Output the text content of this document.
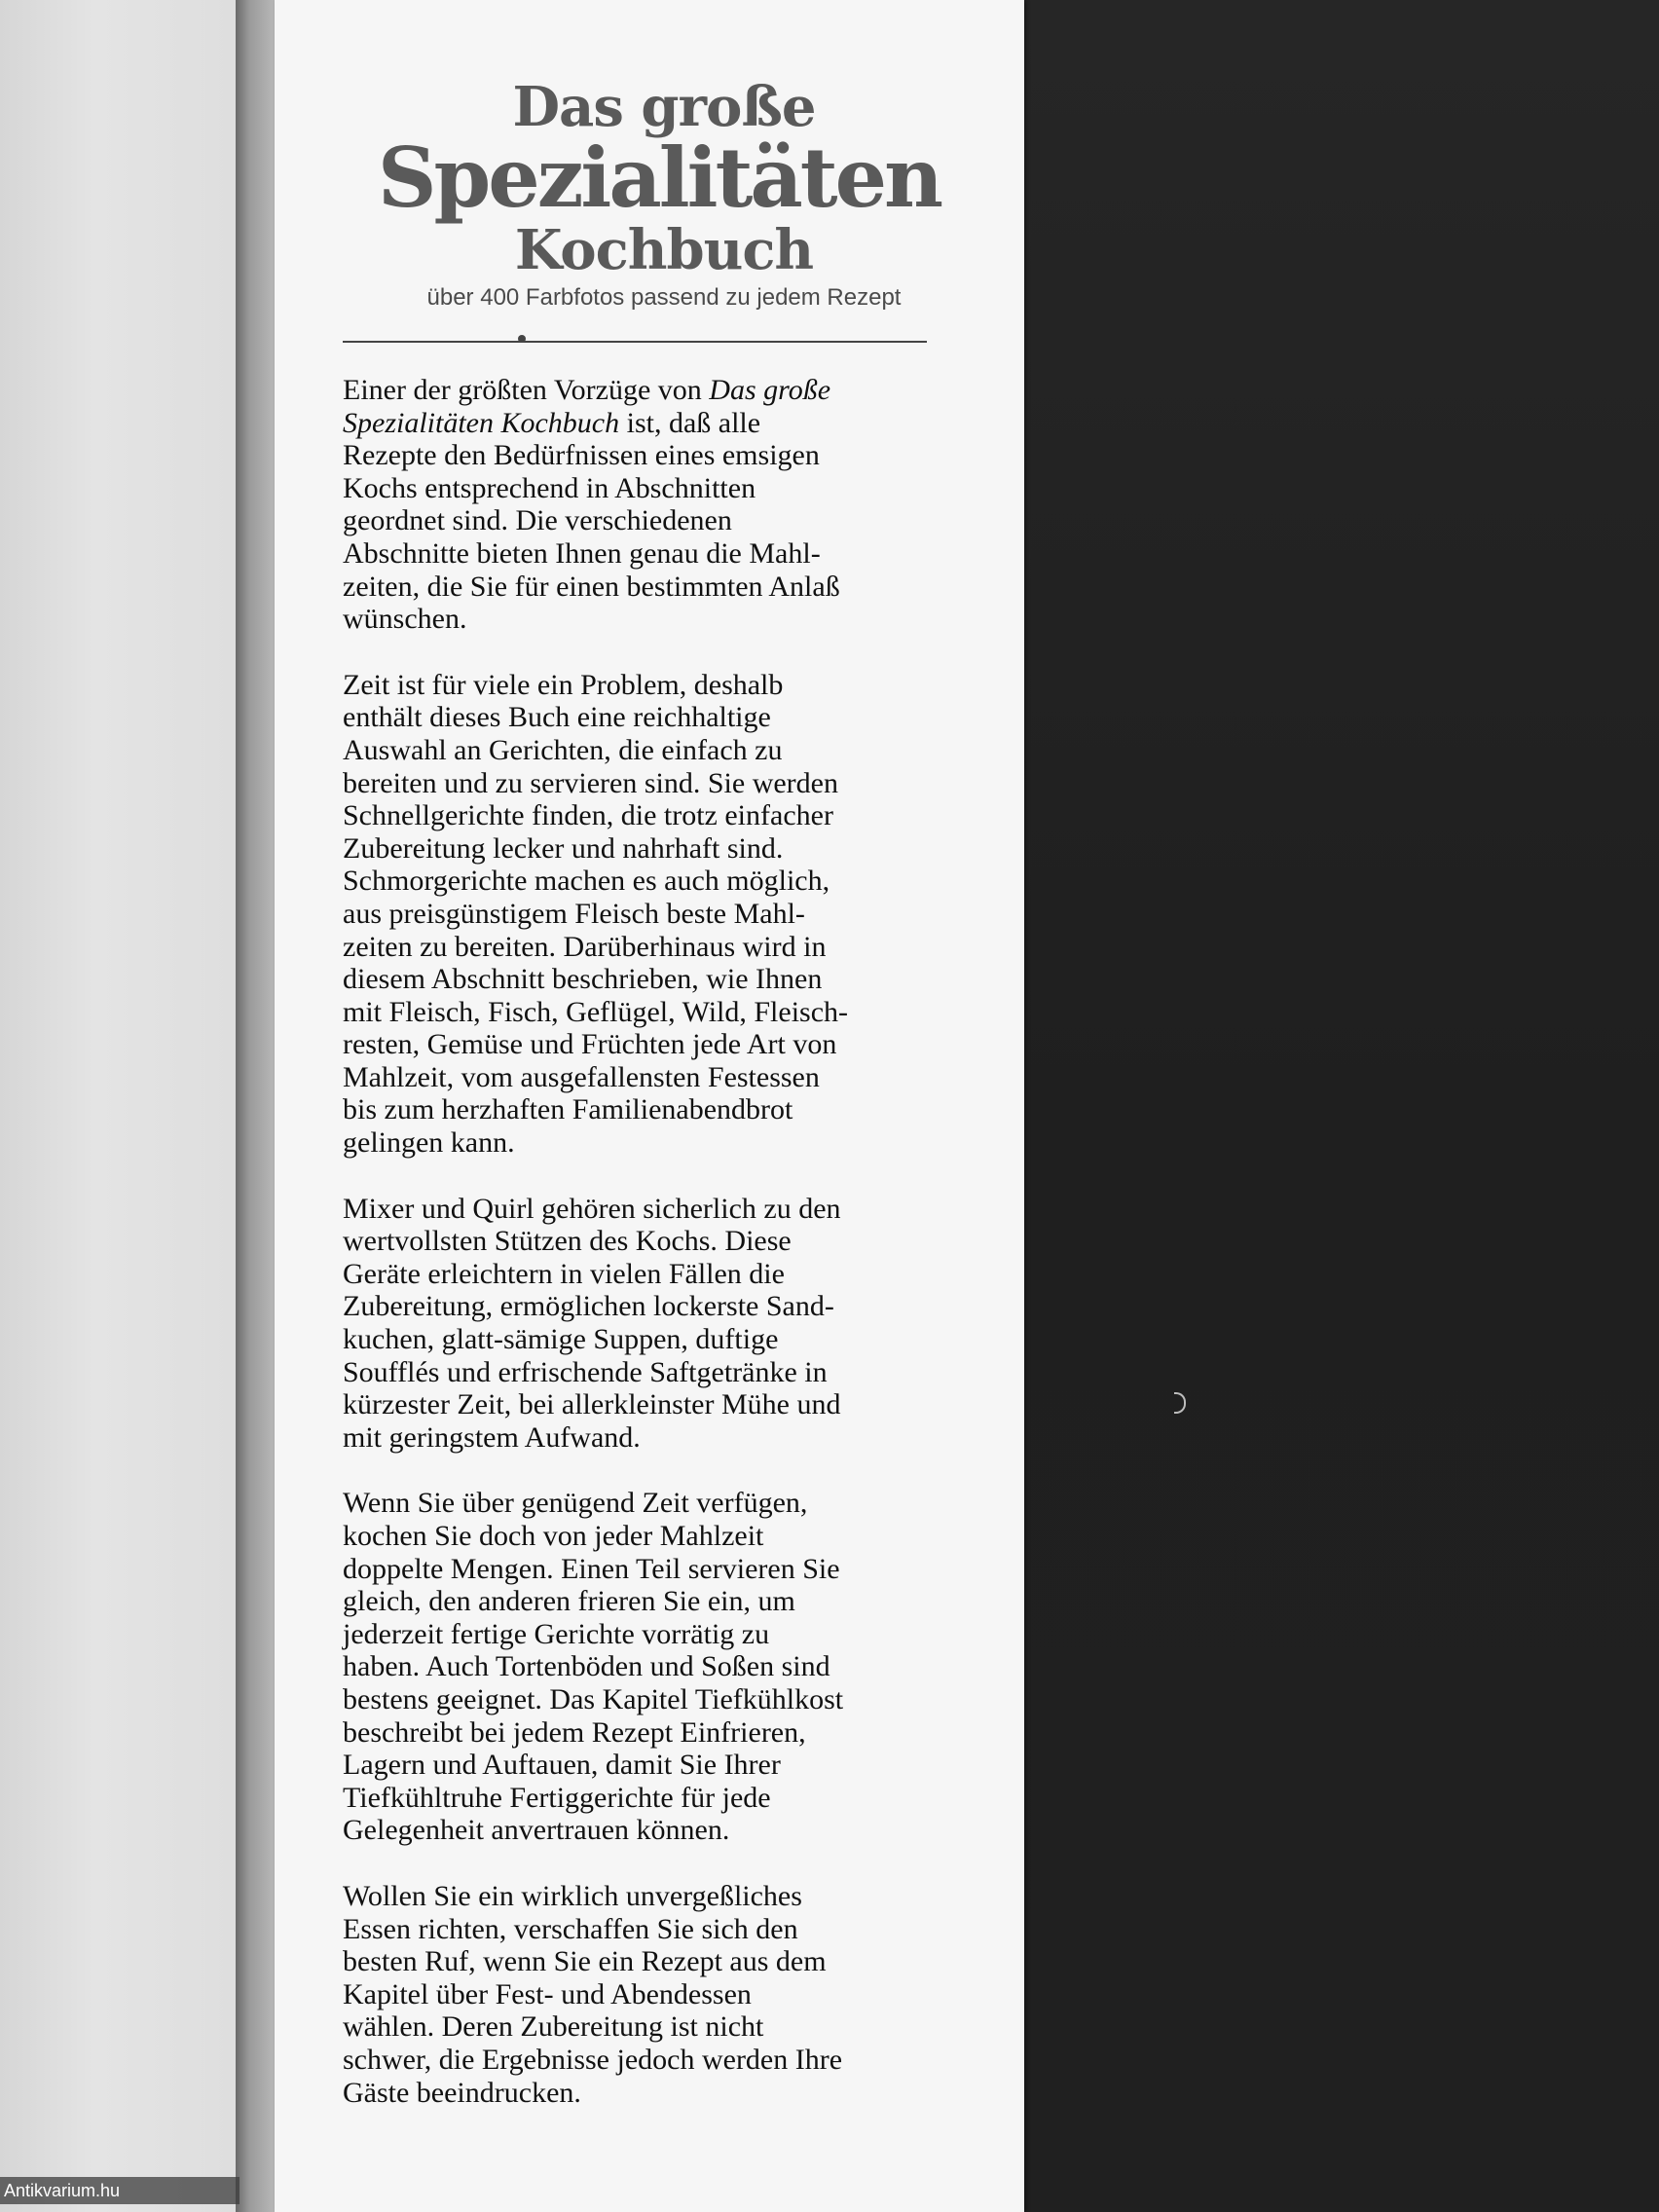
Das große
Spezialitäten
Kochbuch
über 400 Farbfotos passend zu jedem Rezept

Einer der größten Vorzüge von Das große
Spezialitäten Kochbuch ist, daß alle
Rezepte den Bedürfnissen eines emsigen
Kochs entsprechend in Abschnitten
geordnet sind. Die verschiedenen
Abschnitte bieten Ihnen genau die Mahl-
zeiten, die Sie für einen bestimmten Anlaß
wünschen.

Zeit ist für viele ein Problem, deshalb
enthält dieses Buch eine reichhaltige
Auswahl an Gerichten, die einfach zu
bereiten und zu servieren sind. Sie werden
Schnellgerichte finden, die trotz einfacher
Zubereitung lecker und nahrhaft sind.
Schmorgerichte machen es auch möglich,
aus preisgünstigem Fleisch beste Mahl-
zeiten zu bereiten. Darüberhinaus wird in
diesem Abschnitt beschrieben, wie Ihnen
mit Fleisch, Fisch, Geflügel, Wild, Fleisch-
resten, Gemüse und Früchten jede Art von
Mahlzeit, vom ausgefallensten Festessen
bis zum herzhaften Familienabendbrot
gelingen kann.

Mixer und Quirl gehören sicherlich zu den
wertvollsten Stützen des Kochs. Diese
Geräte erleichtern in vielen Fällen die
Zubereitung, ermöglichen lockerste Sand-
kuchen, glatt-sämige Suppen, duftige
Soufflés und erfrischende Saftgetränke in
kürzester Zeit, bei allerkleinster Mühe und
mit geringstem Aufwand.

Wenn Sie über genügend Zeit verfügen,
kochen Sie doch von jeder Mahlzeit
doppelte Mengen. Einen Teil servieren Sie
gleich, den anderen frieren Sie ein, um
jederzeit fertige Gerichte vorrätig zu
haben. Auch Tortenböden und Soßen sind
bestens geeignet. Das Kapitel Tiefkühlkost
beschreibt bei jedem Rezept Einfrieren,
Lagern und Auftauen, damit Sie Ihrer
Tiefkühltruhe Fertiggerichte für jede
Gelegenheit anvertrauen können.

Wollen Sie ein wirklich unvergeßliches
Essen richten, verschaffen Sie sich den
besten Ruf, wenn Sie ein Rezept aus dem
Kapitel über Fest- und Abendessen
wählen. Deren Zubereitung ist nicht
schwer, die Ergebnisse jedoch werden Ihre
Gäste beeindrucken.

Antikvarium.hu
